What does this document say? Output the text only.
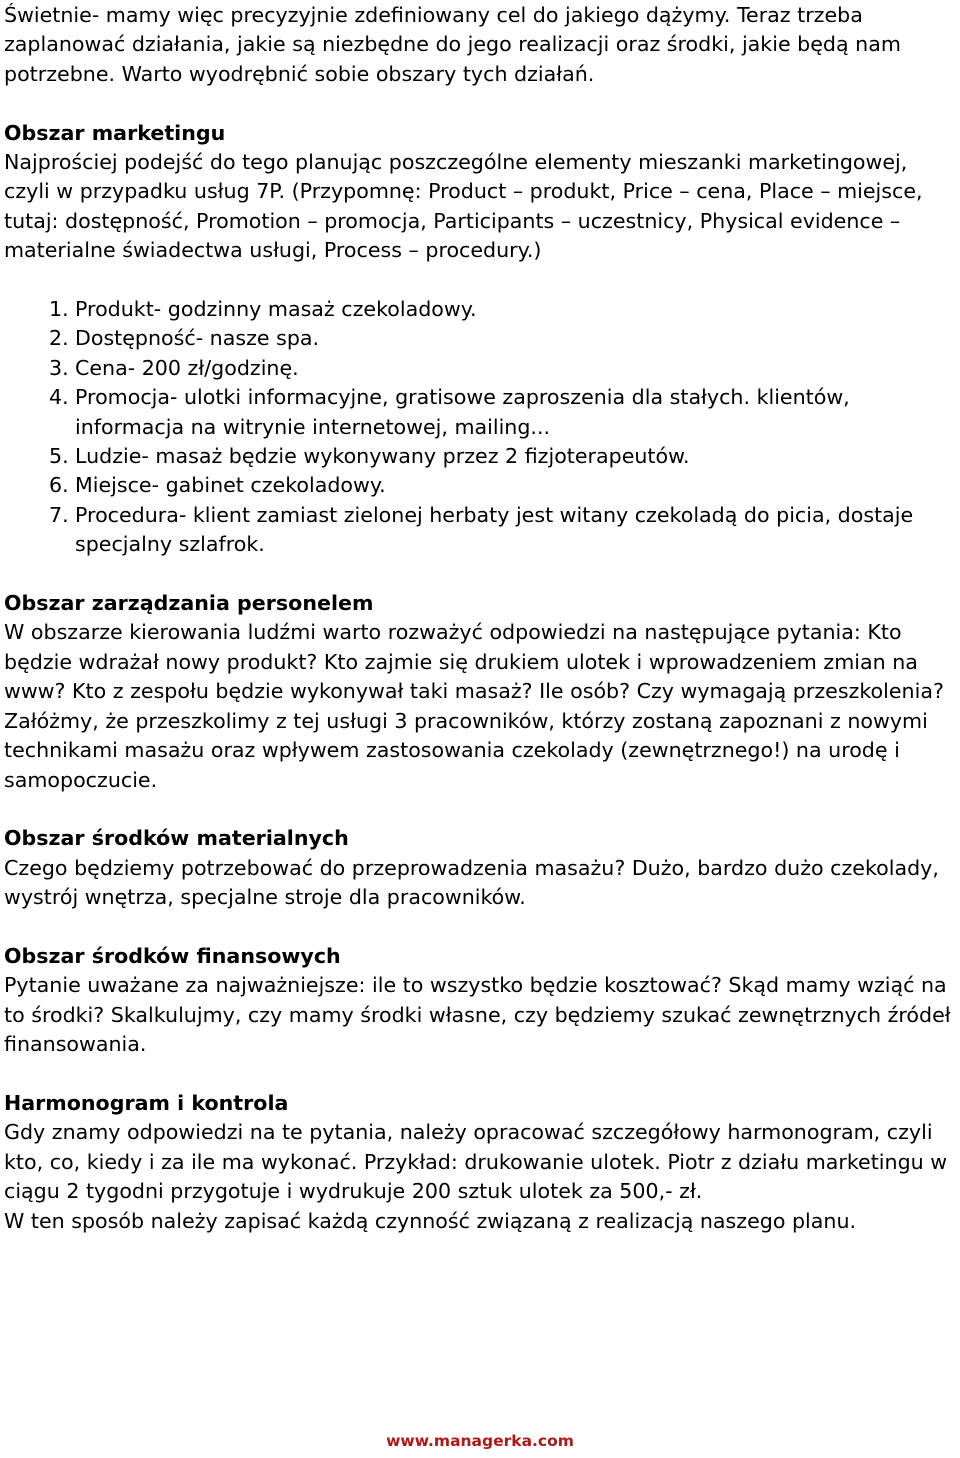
Świetnie- mamy więc precyzyjnie zdefiniowany cel do jakiego dążymy. Teraz trzeba zaplanować działania, jakie są niezbędne do jego realizacji oraz środki, jakie będą nam potrzebne. Warto wyodrębnić sobie obszary tych działań.

Obszar marketingu

Najprościej podejść do tego planując poszczególne elementy mieszanki marketingowej, czyli w przypadku usług 7P. (Przypomnę: Product – produkt, Price – cena, Place – miejsce, tutaj: dostępność, Promotion – promocja, Participants – uczestnicy, Physical evidence – materialne świadectwa usługi, Process – procedury.)

1. Produkt- godzinny masaż czekoladowy.
2. Dostępność- nasze spa.
3. Cena- 200 zł/godzinę.
4. Promocja- ulotki informacyjne, gratisowe zaproszenia dla stałych. klientów, informacja na witrynie internetowej, mailing...
5. Ludzie- masaż będzie wykonywany przez 2 fizjoterapeutów.
6. Miejsce- gabinet czekoladowy.
7. Procedura- klient zamiast zielonej herbaty jest witany czekoladą do picia, dostaje specjalny szlafrok.

Obszar zarządzania personelem

W obszarze kierowania ludźmi warto rozważyć odpowiedzi na następujące pytania: Kto będzie wdrażał nowy produkt? Kto zajmie się drukiem ulotek i wprowadzeniem zmian na www? Kto z zespołu będzie wykonywał taki masaż? Ile osób? Czy wymagają przeszkolenia?

Załóżmy, że przeszkolimy z tej usługi 3 pracowników, którzy zostaną zapoznani z nowymi technikami masażu oraz wpływem zastosowania czekolady (zewnętrznego!) na urodę i samopoczucie.

Obszar środków materialnych

Czego będziemy potrzebować do przeprowadzenia masażu? Dużo, bardzo dużo czekolady, wystrój wnętrza, specjalne stroje dla pracowników.

Obszar środków finansowych

Pytanie uważane za najważniejsze: ile to wszystko będzie kosztować? Skąd mamy wziąć na to środki? Skalkulujmy, czy mamy środki własne, czy będziemy szukać zewnętrznych źródeł finansowania.

Harmonogram i kontrola

Gdy znamy odpowiedzi na te pytania, należy opracować szczegółowy harmonogram, czyli kto, co, kiedy i za ile ma wykonać. Przykład: drukowanie ulotek. Piotr z działu marketingu w ciągu 2 tygodni przygotuje i wydrukuje 200 sztuk ulotek za 500,- zł.

W ten sposób należy zapisać każdą czynność związaną z realizacją naszego planu.

www.managerka.com
